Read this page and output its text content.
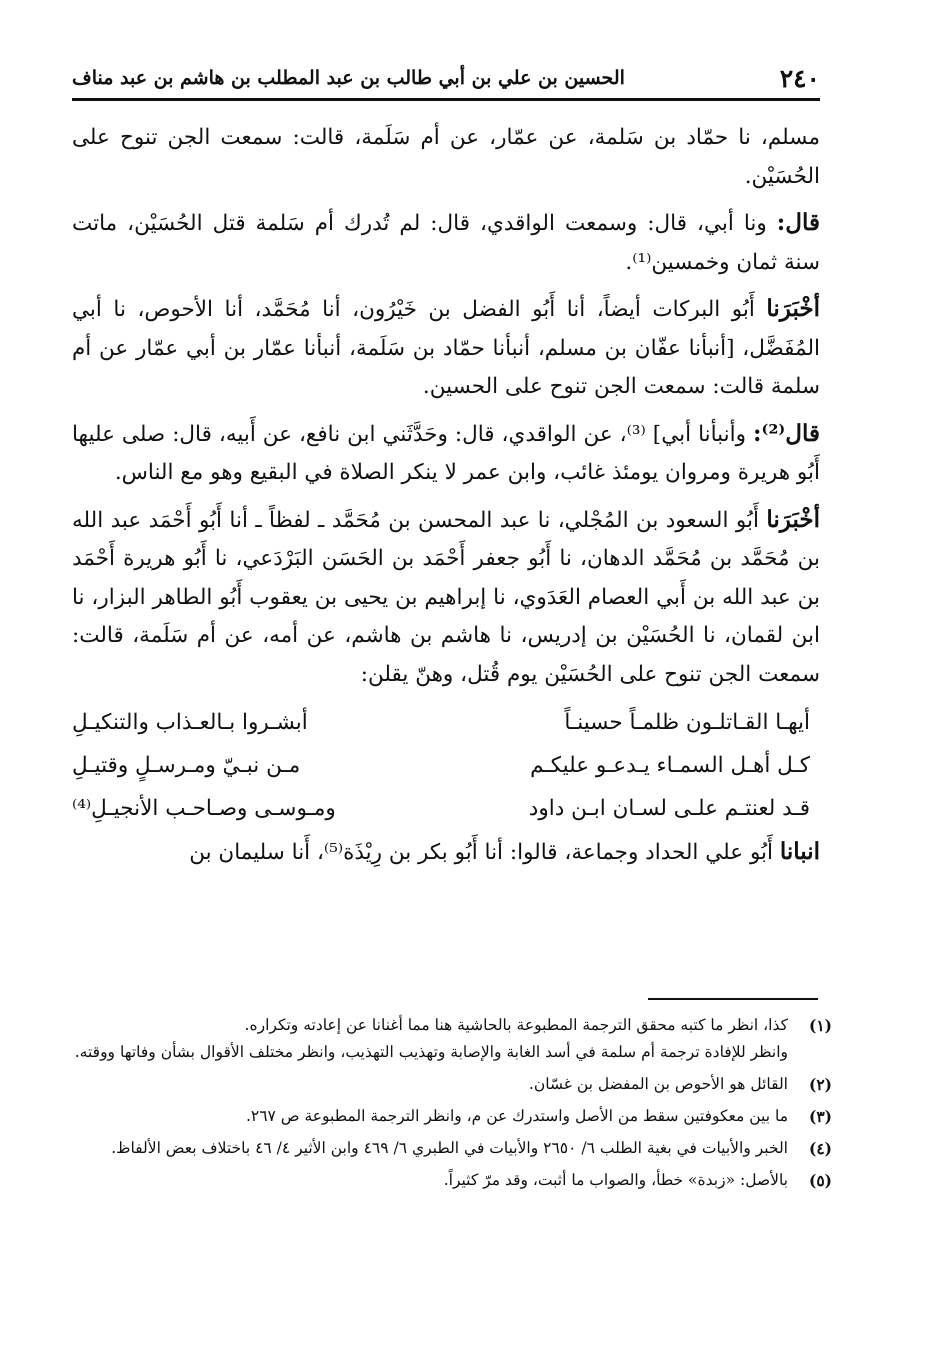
٢٤٠
الحسين بن علي بن أبي طالب بن عبد المطلب بن هاشم بن عبد مناف

مسلم، نا حمّاد بن سَلمة، عن عمّار، عن أم سَلَمة، قالت: سمعت الجن تنوح على الحُسَيْن.

قال: ونا أبي، قال: وسمعت الواقدي، قال: لم تُدرك أم سَلمة قتل الحُسَيْن، ماتت سنة ثمان وخمسين⁽¹⁾.

أخْبَرَنا أَبُو البركات أيضاً، أنا أَبُو الفضل بن خَيْرُون، أنا مُحَمَّد، أنا الأحوص، نا أبي المُفَضَّل، [أنبأنا عفّان بن مسلم، أنبأنا حمّاد بن سَلَمة، أنبأنا عمّار بن أبي عمّار عن أم سلمة قالت: سمعت الجن تنوح على الحسين.

قال⁽²⁾: وأنبأنا أبي] ⁽³⁾، عن الواقدي، قال: وحَدَّثَني ابن نافع، عن أَبيه، قال: صلى عليها أَبُو هريرة ومروان يومئذ غائب، وابن عمر لا ينكر الصلاة في البقيع وهو مع الناس.

أخْبَرَنا أَبُو السعود بن المُجْلي، نا عبد المحسن بن مُحَمَّد ـ لفظاً ـ أنا أَبُو أَحْمَد عبد الله بن مُحَمَّد بن مُحَمَّد الدهان، نا أَبُو جعفر أَحْمَد بن الحَسَن البَرْدَعي، نا أَبُو هريرة أَحْمَد بن عبد الله بن أَبي العصام العَدَوي، نا إبراهيم بن يحيى بن يعقوب أَبُو الطاهر البزار، نا ابن لقمان، نا الحُسَيْن بن إدريس، نا هاشم بن هاشم، عن أمه، عن أم سَلَمة، قالت: سمعت الجن تنوح على الحُسَيْن يوم قُتل، وهنّ يقلن:

أيهـا القـاتلـون ظلمـاً حسينـاً
أبشـروا بـالعـذاب والتنكيـلِ
كـل أهـل السمـاء يـدعـو عليكـم
مـن نبـيّ ومـرسـلٍ وقتيـلِ
قـد لعنتـم علـى لسـان ابـن داود
ومـوسـى وصـاحـب الأنجيـلِ⁽⁴⁾

انبانا أَبُو علي الحداد وجماعة، قالوا: أنا أَبُو بكر بن رِيْذَة⁽⁵⁾، أَنا سليمان بن

(١)
كذا، انظر ما كتبه محقق الترجمة المطبوعة بالحاشية هنا مما أغنانا عن إعادته وتكراره.
وانظر للإفادة ترجمة أم سلمة في أسد الغابة والإصابة وتهذيب التهذيب، وانظر مختلف الأقوال بشأن وفاتها ووقته.
(٢)
القائل هو الأحوص بن المفضل بن غسّان.
(٣)
ما بين معكوفتين سقط من الأصل واستدرك عن م، وانظر الترجمة المطبوعة ص ٢٦٧.
(٤)
الخبر والأبيات في بغية الطلب ٦/ ٢٦٥٠ والأبيات في الطبري ٦/ ٤٦٩ وابن الأثير ٤/ ٤٦ باختلاف بعض الألفاظ.
(٥)
بالأصل: «زبدة» خطأ، والصواب ما أثبت، وقد مرّ كثيراً.
